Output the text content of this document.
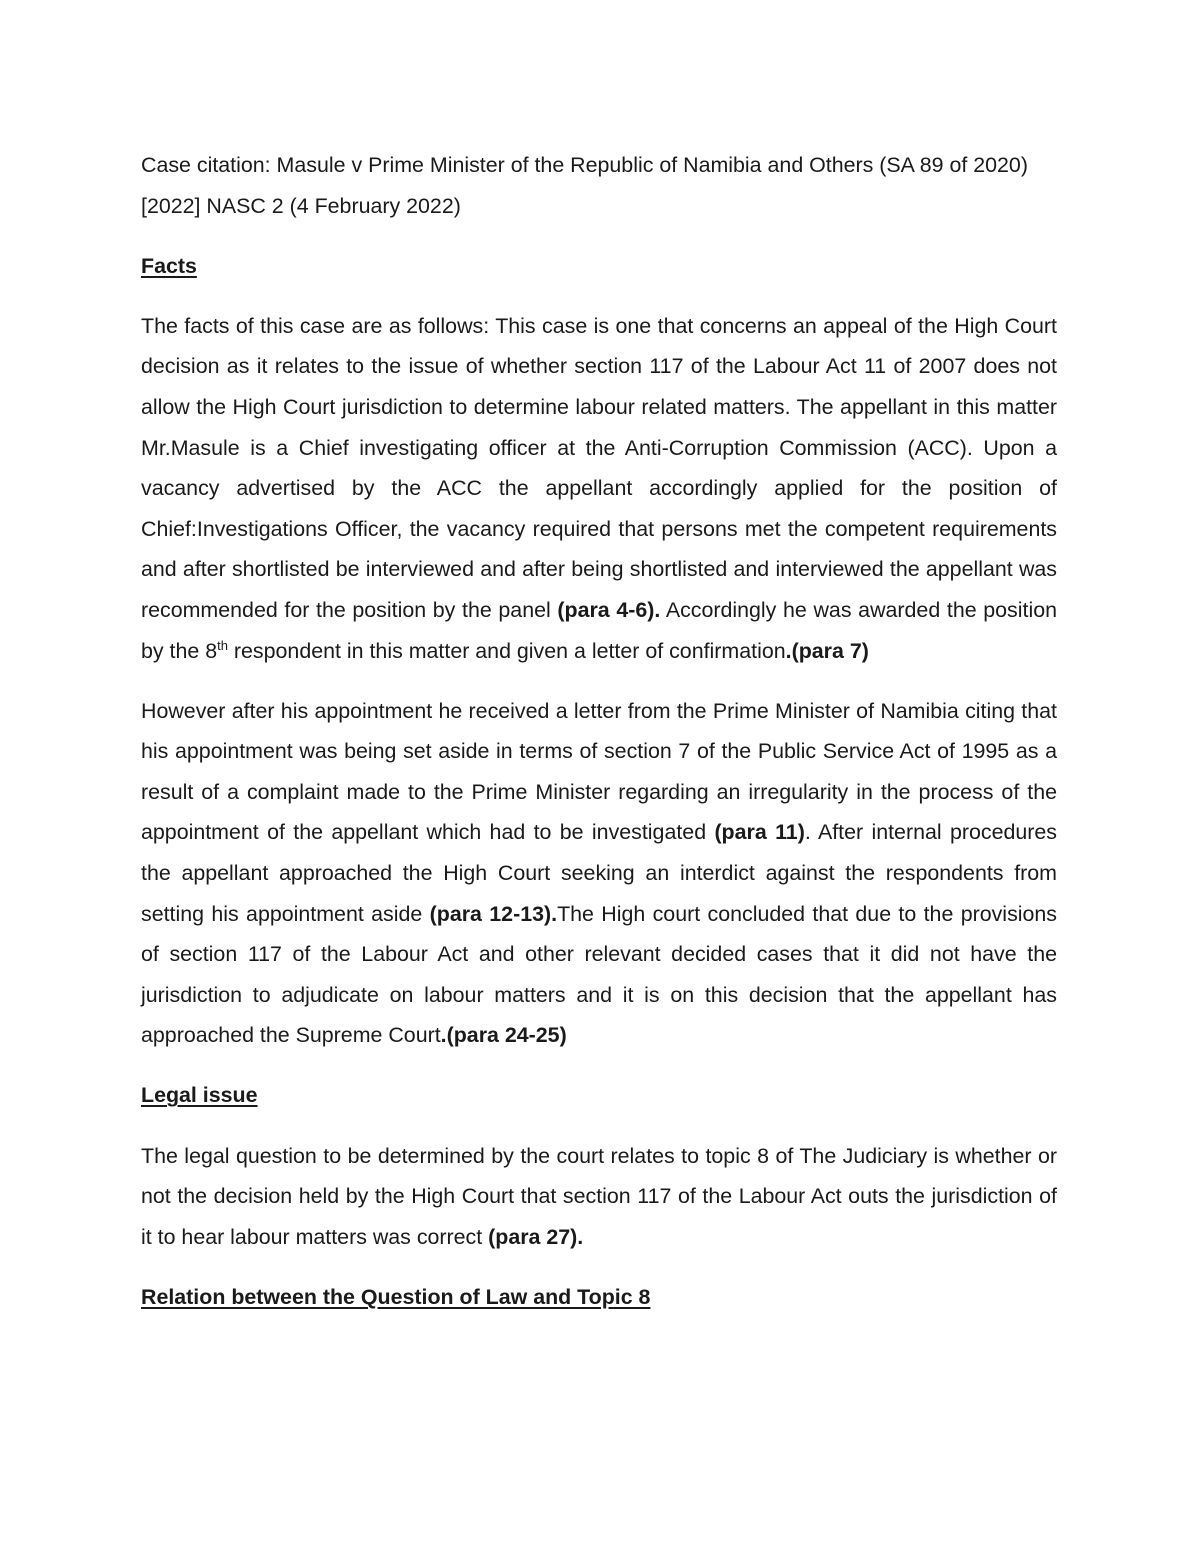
Case citation: Masule v Prime Minister of the Republic of Namibia and Others (SA 89 of 2020) [2022] NASC 2 (4 February 2022)

Facts

The facts of this case are as follows: This case is one that concerns an appeal of the High Court decision as it relates to the issue of whether section 117 of the Labour Act 11 of 2007 does not allow the High Court jurisdiction to determine labour related matters. The appellant in this matter Mr.Masule is a Chief investigating officer at the Anti-Corruption Commission (ACC). Upon a vacancy advertised by the ACC the appellant accordingly applied for the position of Chief:Investigations Officer, the vacancy required that persons met the competent requirements and after shortlisted be interviewed and after being shortlisted and interviewed the appellant was recommended for the position by the panel (para 4-6). Accordingly he was awarded the position by the 8th respondent in this matter and given a letter of confirmation.(para 7)

However after his appointment he received a letter from the Prime Minister of Namibia citing that his appointment was being set aside in terms of section 7 of the Public Service Act of 1995 as a result of a complaint made to the Prime Minister regarding an irregularity in the process of the appointment of the appellant which had to be investigated (para 11). After internal procedures the appellant approached the High Court seeking an interdict against the respondents from setting his appointment aside (para 12-13).The High court concluded that due to the provisions of section 117 of the Labour Act and other relevant decided cases that it did not have the jurisdiction to adjudicate on labour matters and it is on this decision that the appellant has approached the Supreme Court.(para 24-25)

Legal issue

The legal question to be determined by the court relates to topic 8 of The Judiciary is whether or not the decision held by the High Court that section 117 of the Labour Act outs the jurisdiction of it to hear labour matters was correct (para 27).

Relation between the Question of Law and Topic 8
